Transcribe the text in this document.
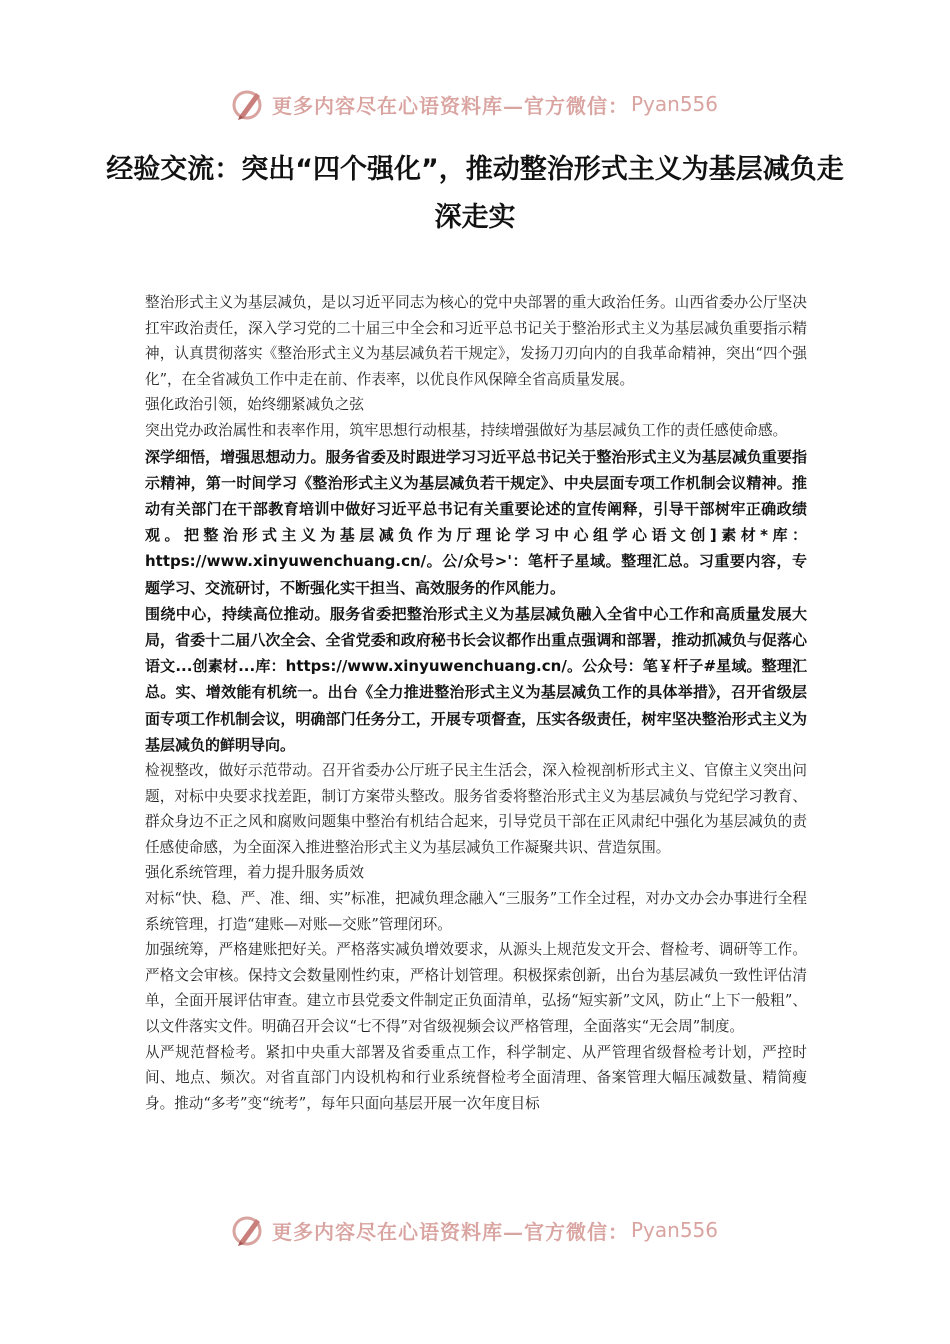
更多内容尽在心语资料库—官方微信： Pyan556
经验交流：突出“四个强化”，推动整治形式主义为基层减负走深走实

整治形式主义为基层减负，是以习近平同志为核心的党中央部署的重大政治任务。山西省委办公厅坚决扛牢政治责任，深入学习党的二十届三中全会和习近平总书记关于整治形式主义为基层减负重要指示精神，认真贯彻落实《整治形式主义为基层减负若干规定》，发扬刀刃向内的自我革命精神，突出“四个强化”，在全省减负工作中走在前、作表率，以优良作风保障全省高质量发展。

强化政治引领，始终绷紧减负之弦

突出党办政治属性和表率作用，筑牢思想行动根基，持续增强做好为基层减负工作的责任感使命感。

深学细悟，增强思想动力。服务省委及时跟进学习习近平总书记关于整治形式主义为基层减负重要指示精神，第一时间学习《整治形式主义为基层减负若干规定》、中央层面专项工作机制会议精神。推动有关部门在干部教育培训中做好习近平总书记有关重要论述的宣传阐释，引导干部树牢正确政绩观。把整治形式主义为基层减负作为厅理论学习中心组学心语文创]素材*库：https://www.xinyuwenchuang.cn/。公/众号>'：笔杆子星域。整理汇总。习重要内容，专题学习、交流研讨，不断强化实干担当、高效服务的作风能力。

围绕中心，持续高位推动。服务省委把整治形式主义为基层减负融入全省中心工作和高质量发展大局，省委十二届八次全会、全省党委和政府秘书长会议都作出重点强调和部署，推动抓减负与促落心语文...创素材...库：https://www.xinyuwenchuang.cn/。公众号：笔￥杆子#星域。整理汇总。实、增效能有机统一。出台《全力推进整治形式主义为基层减负工作的具体举措》，召开省级层面专项工作机制会议，明确部门任务分工，开展专项督查，压实各级责任，树牢坚决整治形式主义为基层减负的鲜明导向。

检视整改，做好示范带动。召开省委办公厅班子民主生活会，深入检视剖析形式主义、官僚主义突出问题，对标中央要求找差距，制订方案带头整改。服务省委将整治形式主义为基层减负与党纪学习教育、群众身边不正之风和腐败问题集中整治有机结合起来，引导党员干部在正风肃纪中强化为基层减负的责任感使命感，为全面深入推进整治形式主义为基层减负工作凝聚共识、营造氛围。

强化系统管理，着力提升服务质效

对标“快、稳、严、准、细、实”标准，把减负理念融入“三服务”工作全过程，对办文办会办事进行全程系统管理，打造“建账—对账—交账”管理闭环。

加强统筹，严格建账把好关。严格落实减负增效要求，从源头上规范发文开会、督检考、调研等工作。严格文会审核。保持文会数量刚性约束，严格计划管理。积极探索创新，出台为基层减负一致性评估清单，全面开展评估审查。建立市县党委文件制定正负面清单，弘扬“短实新”文风，防止“上下一般粗”、以文件落实文件。明确召开会议“七不得”对省级视频会议严格管理，全面落实“无会周”制度。

从严规范督检考。紧扣中央重大部署及省委重点工作，科学制定、从严管理省级督检考计划，严控时间、地点、频次。对省直部门内设机构和行业系统督检考全面清理、备案管理大幅压减数量、精简瘦身。推动“多考”变“统考”，每年只面向基层开展一次年度目标

更多内容尽在心语资料库—官方微信： Pyan556
